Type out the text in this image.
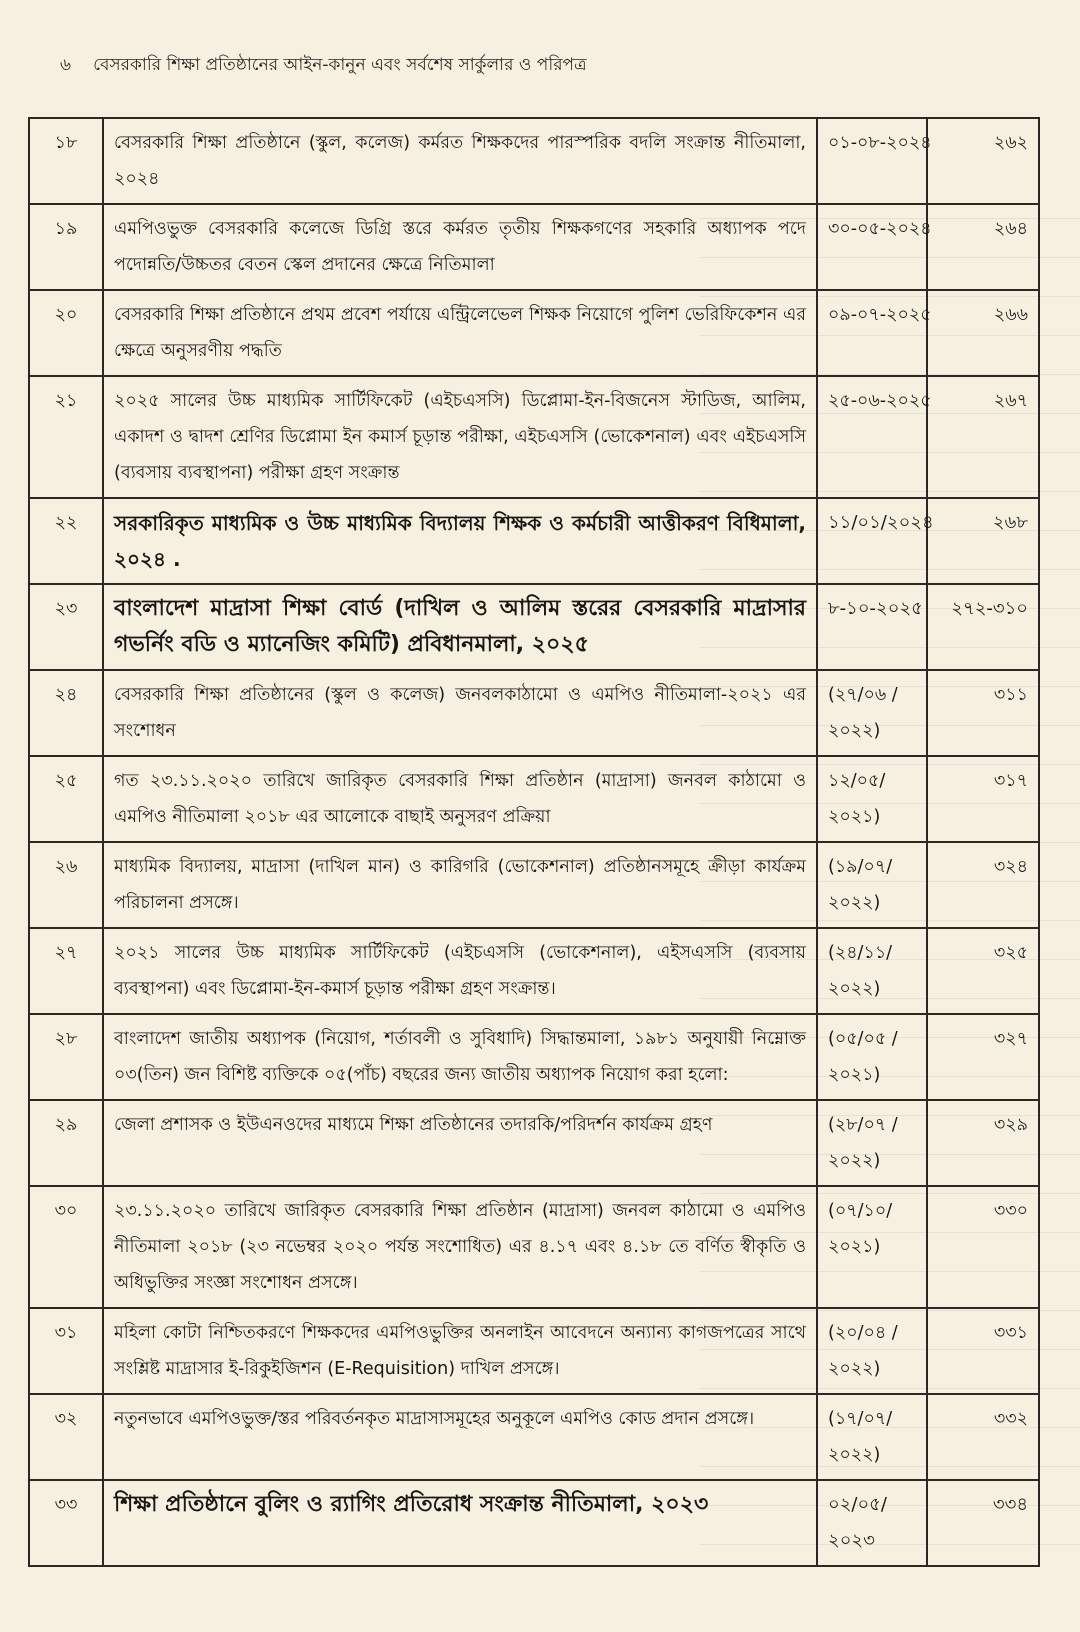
৬ বেসরকারি শিক্ষা প্রতিষ্ঠানের আইন-কানুন এবং সর্বশেষ সার্কুলার ও পরিপত্র
১৮	বেসরকারি শিক্ষা প্রতিষ্ঠানে (স্কুল, কলেজ) কর্মরত শিক্ষকদের পারস্পরিক বদলি সংক্রান্ত নীতিমালা, ২০২৪	০১-০৮-২০২৪	২৬২
১৯	এমপিওভুক্ত বেসরকারি কলেজে ডিগ্রি স্তরে কর্মরত তৃতীয় শিক্ষকগণের সহকারি অধ্যাপক পদে পদোন্নতি/উচ্চতর বেতন স্কেল প্রদানের ক্ষেত্রে নিতিমালা	৩০-০৫-২০২৪	২৬৪
২০	বেসরকারি শিক্ষা প্রতিষ্ঠানে প্রথম প্রবেশ পর্যায়ে এন্ট্রিলেভেল শিক্ষক নিয়োগে পুলিশ ভেরিফিকেশন এর ক্ষেত্রে অনুসরণীয় পদ্ধতি	০৯-০৭-২০২৫	২৬৬
২১	২০২৫ সালের উচ্চ মাধ্যমিক সার্টিফিকেট (এইচএসসি) ডিপ্লোমা-ইন-বিজনেস স্টাডিজ, আলিম, একাদশ ও দ্বাদশ শ্রেণির ডিপ্লোমা ইন কমার্স চূড়ান্ত পরীক্ষা, এইচএসসি (ভোকেশনাল) এবং এইচএসসি (ব্যবসায় ব্যবস্থাপনা) পরীক্ষা গ্রহণ সংক্রান্ত	২৫-০৬-২০২৫	২৬৭
২২	সরকারিকৃত মাধ্যমিক ও উচ্চ মাধ্যমিক বিদ্যালয় শিক্ষক ও কর্মচারী আত্তীকরণ বিধিমালা, ২০২৪ .	১১/০১/২০২৪	২৬৮
২৩	বাংলাদেশ মাদ্রাসা শিক্ষা বোর্ড (দাখিল ও আলিম স্তরের বেসরকারি মাদ্রাসার গভর্নিং বডি ও ম্যানেজিং কমিটি) প্রবিধানমালা, ২০২৫	৮-১০-২০২৫	২৭২-৩১০
২৪	বেসরকারি শিক্ষা প্রতিষ্ঠানের (স্কুল ও কলেজ) জনবলকাঠামো ও এমপিও নীতিমালা-২০২১ এর সংশোধন	(২৭/০৬ /২০২২)	৩১১
২৫	গত ২৩.১১.২০২০ তারিখে জারিকৃত বেসরকারি শিক্ষা প্রতিষ্ঠান (মাদ্রাসা) জনবল কাঠামো ও এমপিও নীতিমালা ২০১৮ এর আলোকে বাছাই অনুসরণ প্রক্রিয়া	১২/০৫/ ২০২১)	৩১৭
২৬	মাধ্যমিক বিদ্যালয়, মাদ্রাসা (দাখিল মান) ও কারিগরি (ভোকেশনাল) প্রতিষ্ঠানসমূহে ক্রীড়া কার্যক্রম পরিচালনা প্রসঙ্গে।	(১৯/০৭/ ২০২২)	৩২৪
২৭	২০২১ সালের উচ্চ মাধ্যমিক সার্টিফিকেট (এইচএসসি (ভোকেশনাল), এইসএসসি (ব্যবসায় ব্যবস্থাপনা) এবং ডিপ্লোমা-ইন-কমার্স চূড়ান্ত পরীক্ষা গ্রহণ সংক্রান্ত।	(২৪/১১/ ২০২২)	৩২৫
২৮	বাংলাদেশ জাতীয় অধ্যাপক (নিয়োগ, শর্তাবলী ও সুবিধাদি) সিদ্ধান্তমালা, ১৯৮১ অনুযায়ী নিম্নোক্ত ০৩(তিন) জন বিশিষ্ট ব্যক্তিকে ০৫(পাঁচ) বছরের জন্য জাতীয় অধ্যাপক নিয়োগ করা হলো:	(০৫/০৫ /২০২১)	৩২৭
২৯	জেলা প্রশাসক ও ইউএনওদের মাধ্যমে শিক্ষা প্রতিষ্ঠানের তদারকি/পরিদর্শন কার্যক্রম গ্রহণ	(২৮/০৭ /২০২২)	৩২৯
৩০	২৩.১১.২০২০ তারিখে জারিকৃত বেসরকারি শিক্ষা প্রতিষ্ঠান (মাদ্রাসা) জনবল কাঠামো ও এমপিও নীতিমালা ২০১৮ (২৩ নভেম্বর ২০২০ পর্যন্ত সংশোধিত) এর ৪.১৭ এবং ৪.১৮ তে বর্ণিত স্বীকৃতি ও অধিভুক্তির সংজ্ঞা সংশোধন প্রসঙ্গে।	(০৭/১০/ ২০২১)	৩৩০
৩১	মহিলা কোটা নিশ্চিতকরণে শিক্ষকদের এমপিওভুক্তির অনলাইন আবেদনে অন্যান্য কাগজপত্রের সাথে সংশ্লিষ্ট মাদ্রাসার ই-রিকুইজিশন (E-Requisition) দাখিল প্রসঙ্গে।	(২০/০৪ /২০২২)	৩৩১
৩২	নতুনভাবে এমপিওভুক্ত/স্তর পরিবর্তনকৃত মাদ্রাসাসমূহের অনুকূলে এমপিও কোড প্রদান প্রসঙ্গে।	(১৭/০৭/ ২০২২)	৩৩২
৩৩	শিক্ষা প্রতিষ্ঠানে বুলিং ও র‍্যাগিং প্রতিরোধ সংক্রান্ত নীতিমালা, ২০২৩	০২/০৫/ ২০২৩	৩৩৪
